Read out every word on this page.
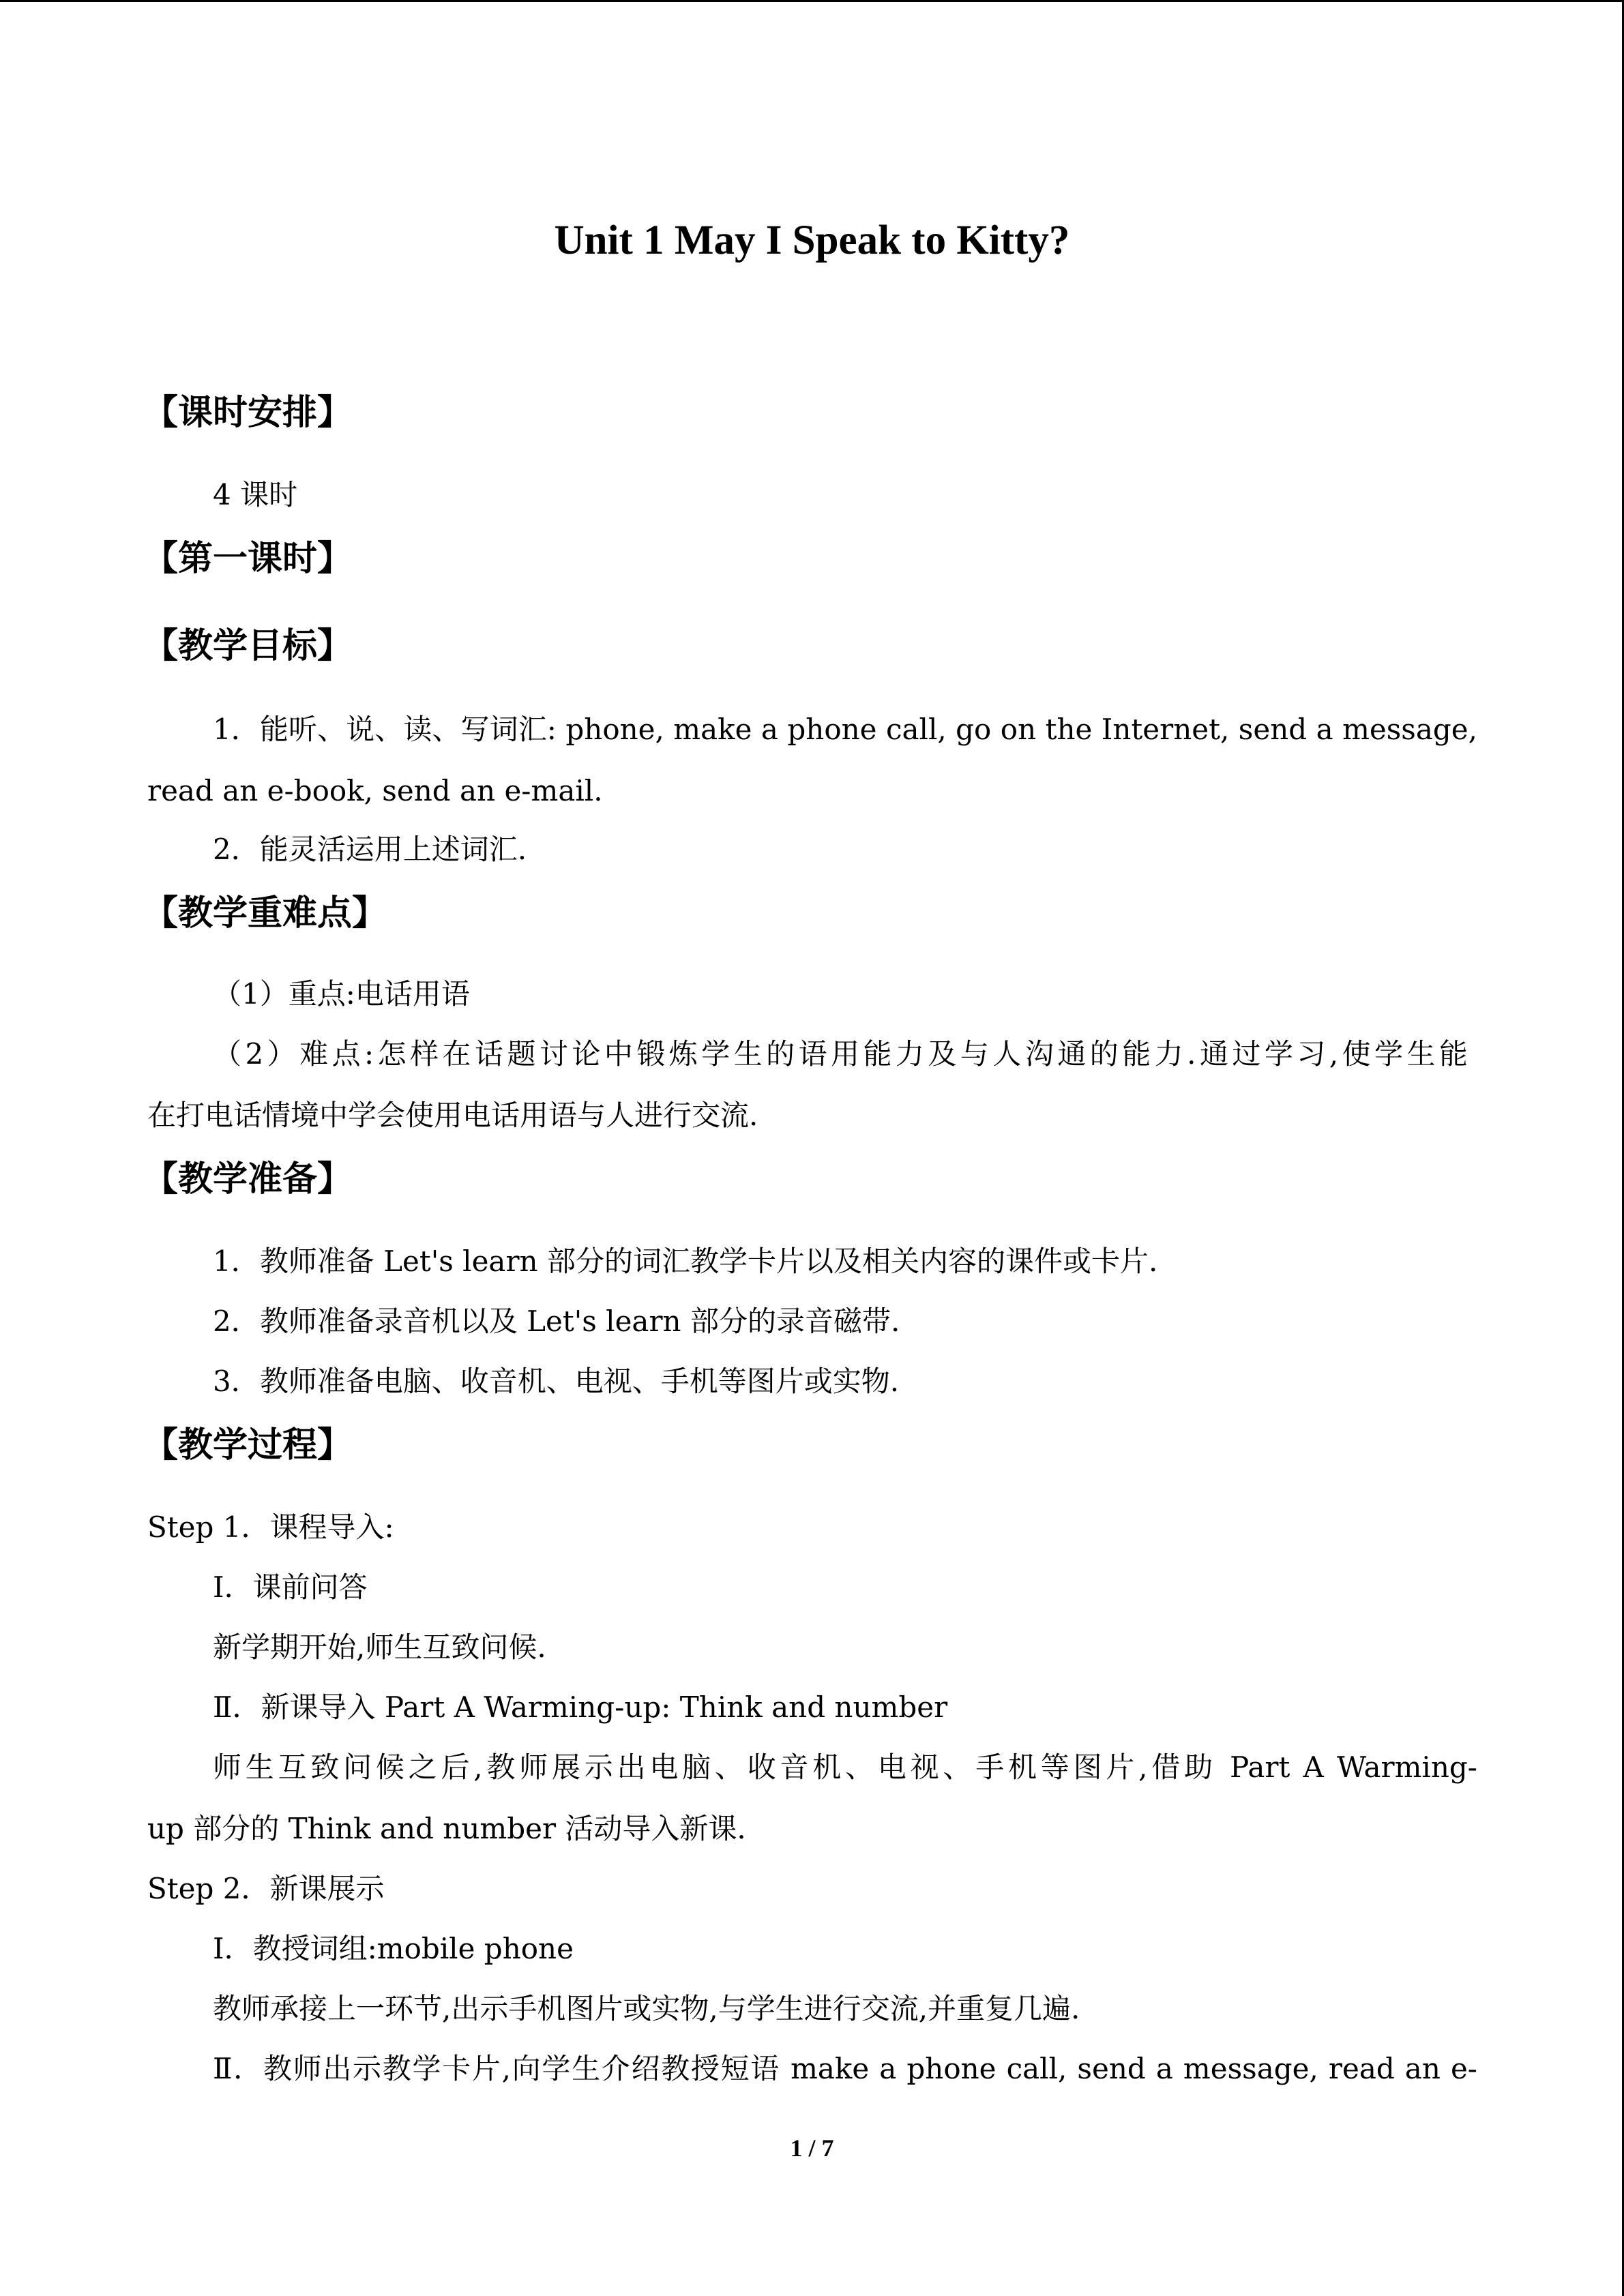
Unit 1 May I Speak to Kitty?
【课时安排】
4 课时
【第一课时】
【教学目标】
1．能听、说、读、写词汇: phone, make a phone call, go on the Internet, send a message,
read an e-book, send an e-mail.
2．能灵活运用上述词汇.
【教学重难点】
（1）重点:电话用语
（2）难点:怎样在话题讨论中锻炼学生的语用能力及与人沟通的能力.通过学习,使学生能
在打电话情境中学会使用电话用语与人进行交流.
【教学准备】
1．教师准备 Let's learn 部分的词汇教学卡片以及相关内容的课件或卡片.
2．教师准备录音机以及 Let's learn 部分的录音磁带.
3．教师准备电脑、收音机、电视、手机等图片或实物.
【教学过程】
Step 1．课程导入:
Ⅰ．课前问答
新学期开始,师生互致问候.
Ⅱ．新课导入 Part A Warming-up: Think and number
师生互致问候之后,教师展示出电脑、收音机、电视、手机等图片,借助 Part A Warming-
up 部分的 Think and number 活动导入新课.
Step 2．新课展示
Ⅰ．教授词组:mobile phone
教师承接上一环节,出示手机图片或实物,与学生进行交流,并重复几遍.
Ⅱ．教师出示教学卡片,向学生介绍教授短语 make a phone call, send a message, read an e-
1 / 7
